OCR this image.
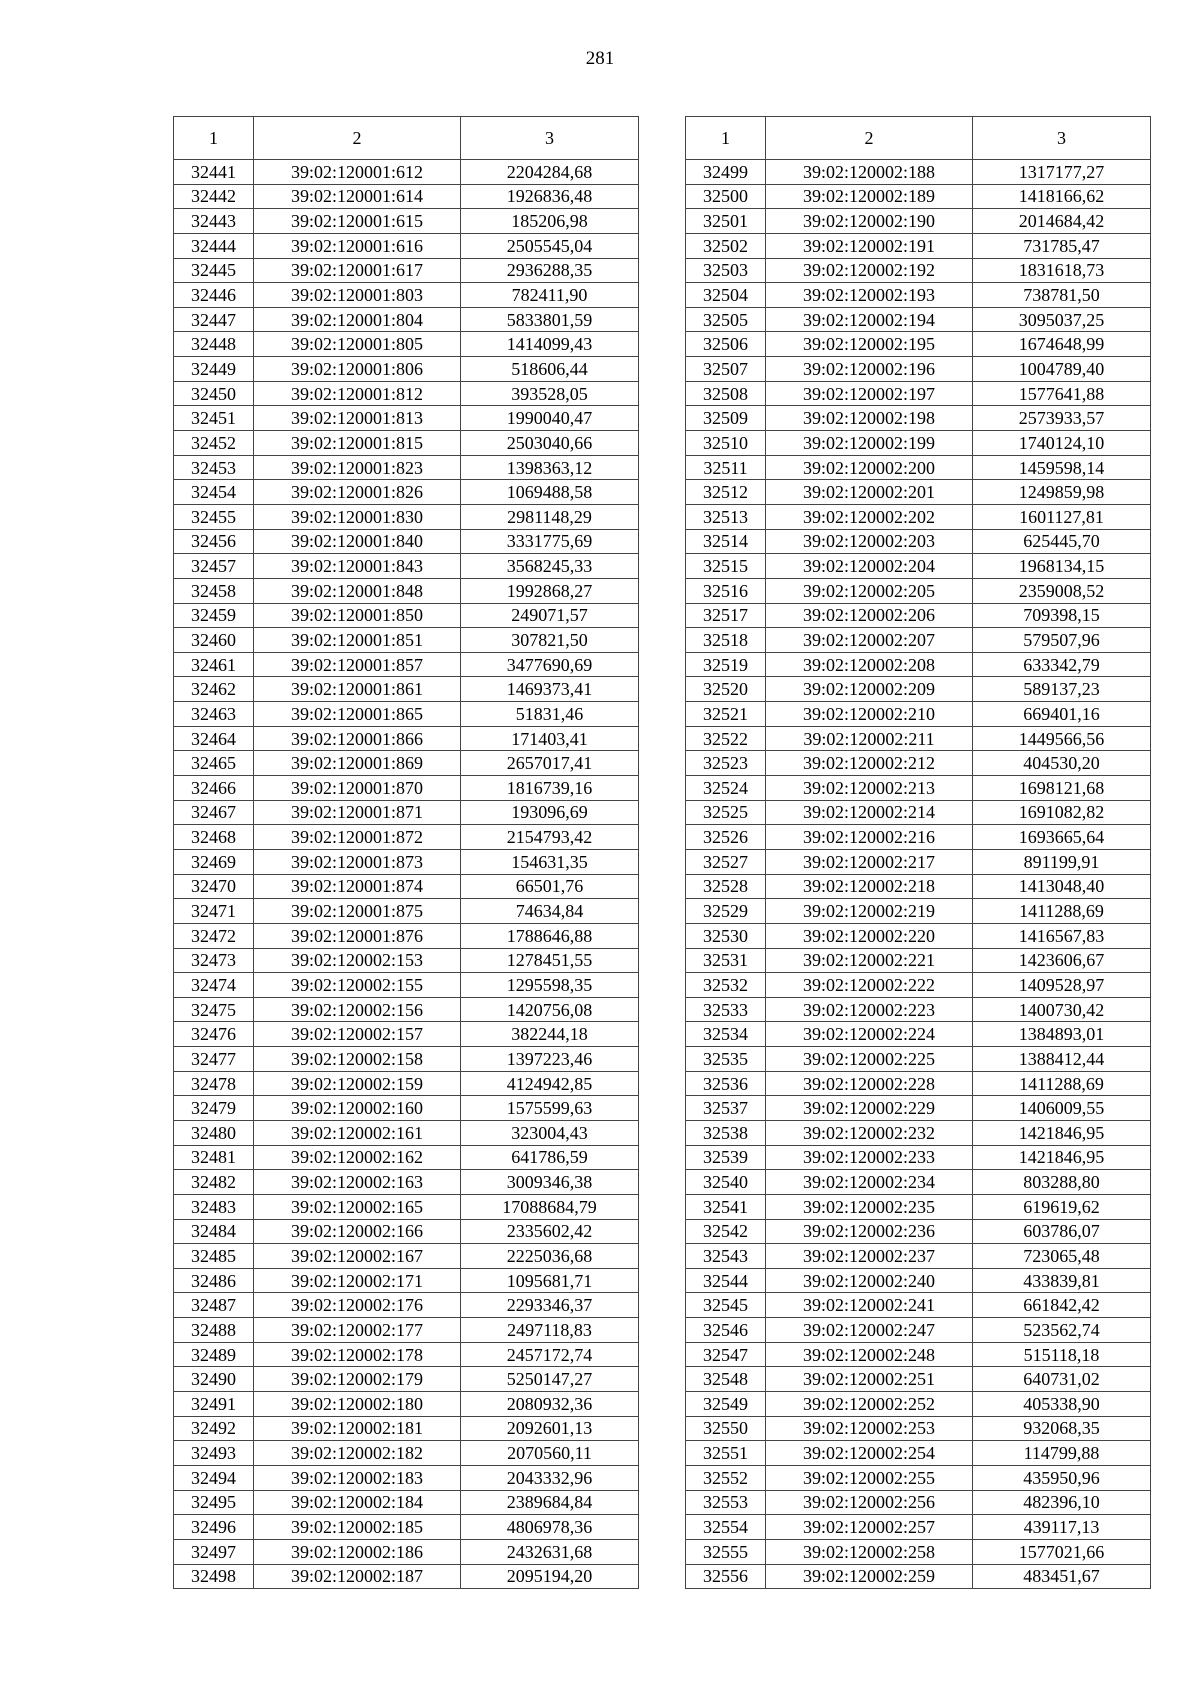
281
1	2	3
32441	39:02:120001:612	2204284,68
32442	39:02:120001:614	1926836,48
32443	39:02:120001:615	185206,98
32444	39:02:120001:616	2505545,04
32445	39:02:120001:617	2936288,35
32446	39:02:120001:803	782411,90
32447	39:02:120001:804	5833801,59
32448	39:02:120001:805	1414099,43
32449	39:02:120001:806	518606,44
32450	39:02:120001:812	393528,05
32451	39:02:120001:813	1990040,47
32452	39:02:120001:815	2503040,66
32453	39:02:120001:823	1398363,12
32454	39:02:120001:826	1069488,58
32455	39:02:120001:830	2981148,29
32456	39:02:120001:840	3331775,69
32457	39:02:120001:843	3568245,33
32458	39:02:120001:848	1992868,27
32459	39:02:120001:850	249071,57
32460	39:02:120001:851	307821,50
32461	39:02:120001:857	3477690,69
32462	39:02:120001:861	1469373,41
32463	39:02:120001:865	51831,46
32464	39:02:120001:866	171403,41
32465	39:02:120001:869	2657017,41
32466	39:02:120001:870	1816739,16
32467	39:02:120001:871	193096,69
32468	39:02:120001:872	2154793,42
32469	39:02:120001:873	154631,35
32470	39:02:120001:874	66501,76
32471	39:02:120001:875	74634,84
32472	39:02:120001:876	1788646,88
32473	39:02:120002:153	1278451,55
32474	39:02:120002:155	1295598,35
32475	39:02:120002:156	1420756,08
32476	39:02:120002:157	382244,18
32477	39:02:120002:158	1397223,46
32478	39:02:120002:159	4124942,85
32479	39:02:120002:160	1575599,63
32480	39:02:120002:161	323004,43
32481	39:02:120002:162	641786,59
32482	39:02:120002:163	3009346,38
32483	39:02:120002:165	17088684,79
32484	39:02:120002:166	2335602,42
32485	39:02:120002:167	2225036,68
32486	39:02:120002:171	1095681,71
32487	39:02:120002:176	2293346,37
32488	39:02:120002:177	2497118,83
32489	39:02:120002:178	2457172,74
32490	39:02:120002:179	5250147,27
32491	39:02:120002:180	2080932,36
32492	39:02:120002:181	2092601,13
32493	39:02:120002:182	2070560,11
32494	39:02:120002:183	2043332,96
32495	39:02:120002:184	2389684,84
32496	39:02:120002:185	4806978,36
32497	39:02:120002:186	2432631,68
32498	39:02:120002:187	2095194,20
1	2	3
32499	39:02:120002:188	1317177,27
32500	39:02:120002:189	1418166,62
32501	39:02:120002:190	2014684,42
32502	39:02:120002:191	731785,47
32503	39:02:120002:192	1831618,73
32504	39:02:120002:193	738781,50
32505	39:02:120002:194	3095037,25
32506	39:02:120002:195	1674648,99
32507	39:02:120002:196	1004789,40
32508	39:02:120002:197	1577641,88
32509	39:02:120002:198	2573933,57
32510	39:02:120002:199	1740124,10
32511	39:02:120002:200	1459598,14
32512	39:02:120002:201	1249859,98
32513	39:02:120002:202	1601127,81
32514	39:02:120002:203	625445,70
32515	39:02:120002:204	1968134,15
32516	39:02:120002:205	2359008,52
32517	39:02:120002:206	709398,15
32518	39:02:120002:207	579507,96
32519	39:02:120002:208	633342,79
32520	39:02:120002:209	589137,23
32521	39:02:120002:210	669401,16
32522	39:02:120002:211	1449566,56
32523	39:02:120002:212	404530,20
32524	39:02:120002:213	1698121,68
32525	39:02:120002:214	1691082,82
32526	39:02:120002:216	1693665,64
32527	39:02:120002:217	891199,91
32528	39:02:120002:218	1413048,40
32529	39:02:120002:219	1411288,69
32530	39:02:120002:220	1416567,83
32531	39:02:120002:221	1423606,67
32532	39:02:120002:222	1409528,97
32533	39:02:120002:223	1400730,42
32534	39:02:120002:224	1384893,01
32535	39:02:120002:225	1388412,44
32536	39:02:120002:228	1411288,69
32537	39:02:120002:229	1406009,55
32538	39:02:120002:232	1421846,95
32539	39:02:120002:233	1421846,95
32540	39:02:120002:234	803288,80
32541	39:02:120002:235	619619,62
32542	39:02:120002:236	603786,07
32543	39:02:120002:237	723065,48
32544	39:02:120002:240	433839,81
32545	39:02:120002:241	661842,42
32546	39:02:120002:247	523562,74
32547	39:02:120002:248	515118,18
32548	39:02:120002:251	640731,02
32549	39:02:120002:252	405338,90
32550	39:02:120002:253	932068,35
32551	39:02:120002:254	114799,88
32552	39:02:120002:255	435950,96
32553	39:02:120002:256	482396,10
32554	39:02:120002:257	439117,13
32555	39:02:120002:258	1577021,66
32556	39:02:120002:259	483451,67
